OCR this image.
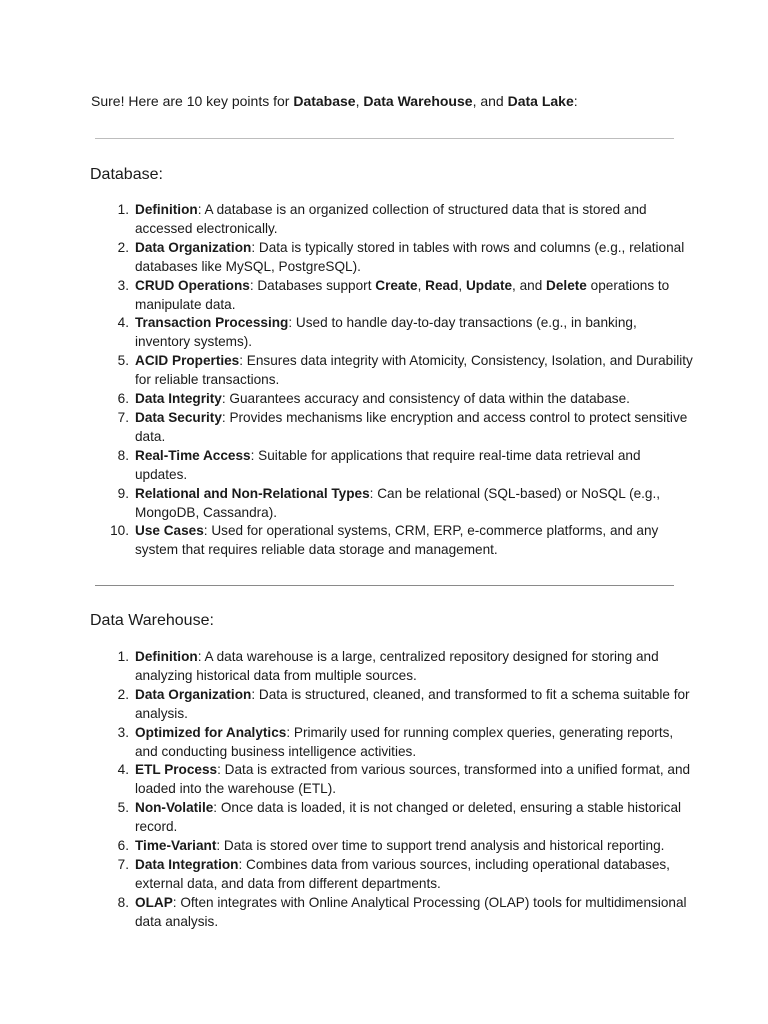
Sure! Here are 10 key points for Database, Data Warehouse, and Data Lake:

Database:
1. Definition: A database is an organized collection of structured data that is stored and accessed electronically.
2. Data Organization: Data is typically stored in tables with rows and columns (e.g., relational databases like MySQL, PostgreSQL).
3. CRUD Operations: Databases support Create, Read, Update, and Delete operations to manipulate data.
4. Transaction Processing: Used to handle day-to-day transactions (e.g., in banking, inventory systems).
5. ACID Properties: Ensures data integrity with Atomicity, Consistency, Isolation, and Durability for reliable transactions.
6. Data Integrity: Guarantees accuracy and consistency of data within the database.
7. Data Security: Provides mechanisms like encryption and access control to protect sensitive data.
8. Real-Time Access: Suitable for applications that require real-time data retrieval and updates.
9. Relational and Non-Relational Types: Can be relational (SQL-based) or NoSQL (e.g., MongoDB, Cassandra).
10. Use Cases: Used for operational systems, CRM, ERP, e-commerce platforms, and any system that requires reliable data storage and management.
Data Warehouse:
1. Definition: A data warehouse is a large, centralized repository designed for storing and analyzing historical data from multiple sources.
2. Data Organization: Data is structured, cleaned, and transformed to fit a schema suitable for analysis.
3. Optimized for Analytics: Primarily used for running complex queries, generating reports, and conducting business intelligence activities.
4. ETL Process: Data is extracted from various sources, transformed into a unified format, and loaded into the warehouse (ETL).
5. Non-Volatile: Once data is loaded, it is not changed or deleted, ensuring a stable historical record.
6. Time-Variant: Data is stored over time to support trend analysis and historical reporting.
7. Data Integration: Combines data from various sources, including operational databases, external data, and data from different departments.
8. OLAP: Often integrates with Online Analytical Processing (OLAP) tools for multidimensional data analysis.
